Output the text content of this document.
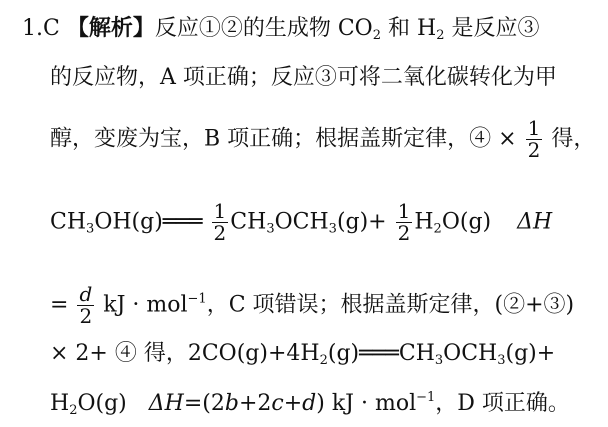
1.C 【解析】反应①②的生成物 $CO_2$ 和 $H_2$ 是反应③
的反应物，A 项正确；反应③可将二氧化碳转化为甲
醇，变废为宝，B 项正确；根据盖斯定律，④ × $\frac{1}{2}$ 得，
$CH_3OH(g)═══ \frac{1}{2} CH_3OCH_3(g)+ \frac{1}{2} H_2O(g)$ ΔH
= $\frac{d}{2}$ kJ · mol$^{-1}$，C 项错误；根据盖斯定律，(②+③)
× 2+ ④ 得，$2CO(g)+4H_2(g)═══CH_3OCH_3(g)+$
$H_2O(g)$ ΔH=(2b+2c+d) kJ · mol$^{-1}$，D 项正确。
